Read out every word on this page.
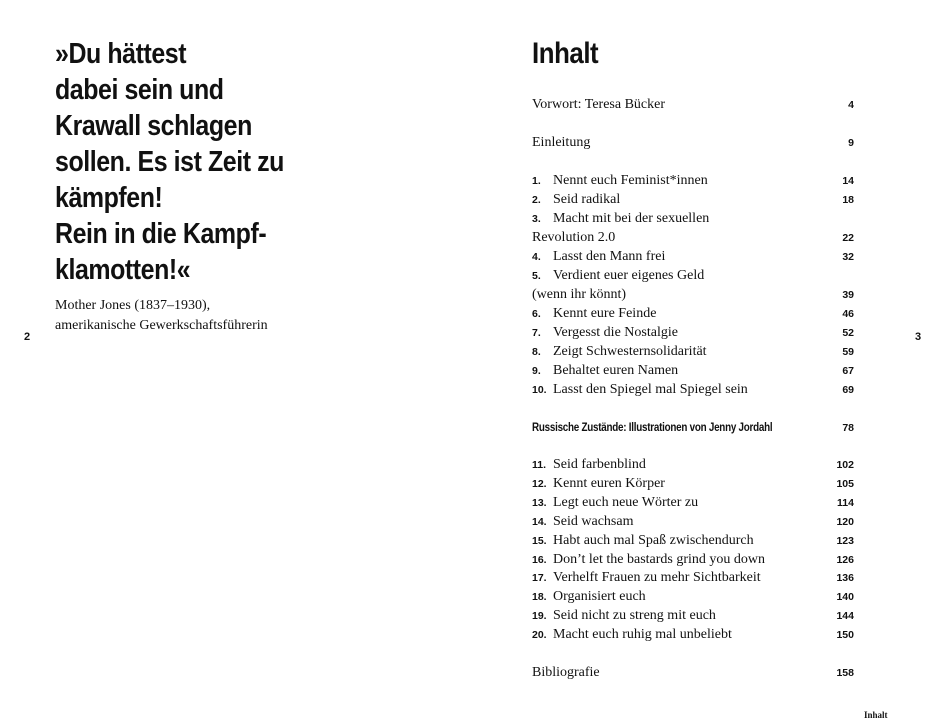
»Du hättest
dabei sein und
Krawall schlagen
sollen. Es ist Zeit zu
kämpfen!
Rein in die Kampf-
klamotten!«
Mother Jones (1837–1930),
amerikanische Gewerkschaftsführerin
2
Inhalt
Vorwort: Teresa Bücker	4
Einleitung	9
1. Nennt euch Feminist*innen	14
2. Seid radikal	18
3. Macht mit bei der sexuellen
Revolution 2.0	22
4. Lasst den Mann frei	32
5. Verdient euer eigenes Geld
(wenn ihr könnt)	39
6. Kennt eure Feinde	46
7. Vergesst die Nostalgie	52
8. Zeigt Schwesternsolidarität	59
9. Behaltet euren Namen	67
10. Lasst den Spiegel mal Spiegel sein	69
Russische Zustände: Illustrationen von Jenny Jordahl	78
11. Seid farbenblind	102
12. Kennt euren Körper	105
13. Legt euch neue Wörter zu	114
14. Seid wachsam	120
15. Habt auch mal Spaß zwischendurch	123
16. Don’t let the bastards grind you down	126
17. Verhelft Frauen zu mehr Sichtbarkeit	136
18. Organisiert euch	140
19. Seid nicht zu streng mit euch	144
20. Macht euch ruhig mal unbeliebt	150
Bibliografie	158
3
Inhalt
